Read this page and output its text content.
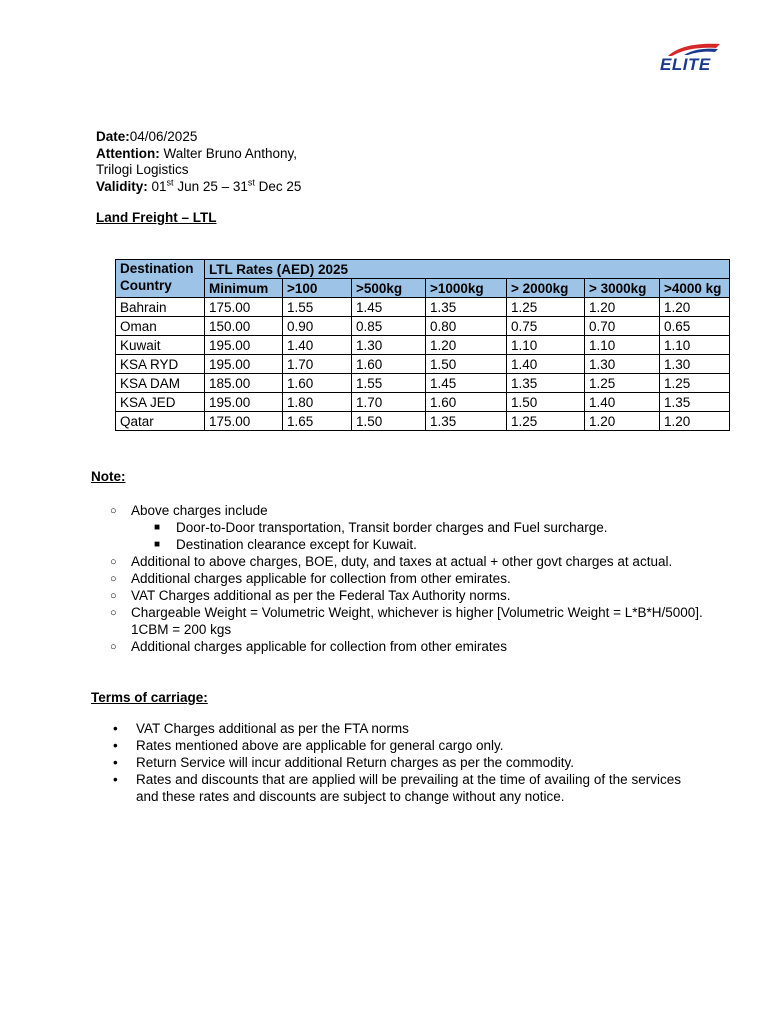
ELITE
Date:04/06/2025
Attention: Walter Bruno Anthony,
Trilogi Logistics
Validity: 01st Jun 25 – 31st Dec 25
Land Freight – LTL
Destination
Country	LTL Rates (AED) 2025						
	Minimum	>100	>500kg	>1000kg	> 2000kg	> 3000kg	>4000 kg
Bahrain	175.00	1.55	1.45	1.35	1.25	1.20	1.20
Oman	150.00	0.90	0.85	0.80	0.75	0.70	0.65
Kuwait	195.00	1.40	1.30	1.20	1.10	1.10	1.10
KSA RYD	195.00	1.70	1.60	1.50	1.40	1.30	1.30
KSA DAM	185.00	1.60	1.55	1.45	1.35	1.25	1.25
KSA JED	195.00	1.80	1.70	1.60	1.50	1.40	1.35
Qatar	175.00	1.65	1.50	1.35	1.25	1.20	1.20
Note:
○ Above charges include
■ Door-to-Door transportation, Transit border charges and Fuel surcharge.
■ Destination clearance except for Kuwait.
○ Additional to above charges, BOE, duty, and taxes at actual + other govt charges at actual.
○ Additional charges applicable for collection from other emirates.
○ VAT Charges additional as per the Federal Tax Authority norms.
○ Chargeable Weight = Volumetric Weight, whichever is higher [Volumetric Weight = L*B*H/5000]. 1CBM = 200 kgs
○ Additional charges applicable for collection from other emirates
Terms of carriage:
• VAT Charges additional as per the FTA norms
• Rates mentioned above are applicable for general cargo only.
• Return Service will incur additional Return charges as per the commodity.
• Rates and discounts that are applied will be prevailing at the time of availing of the services and these rates and discounts are subject to change without any notice.
